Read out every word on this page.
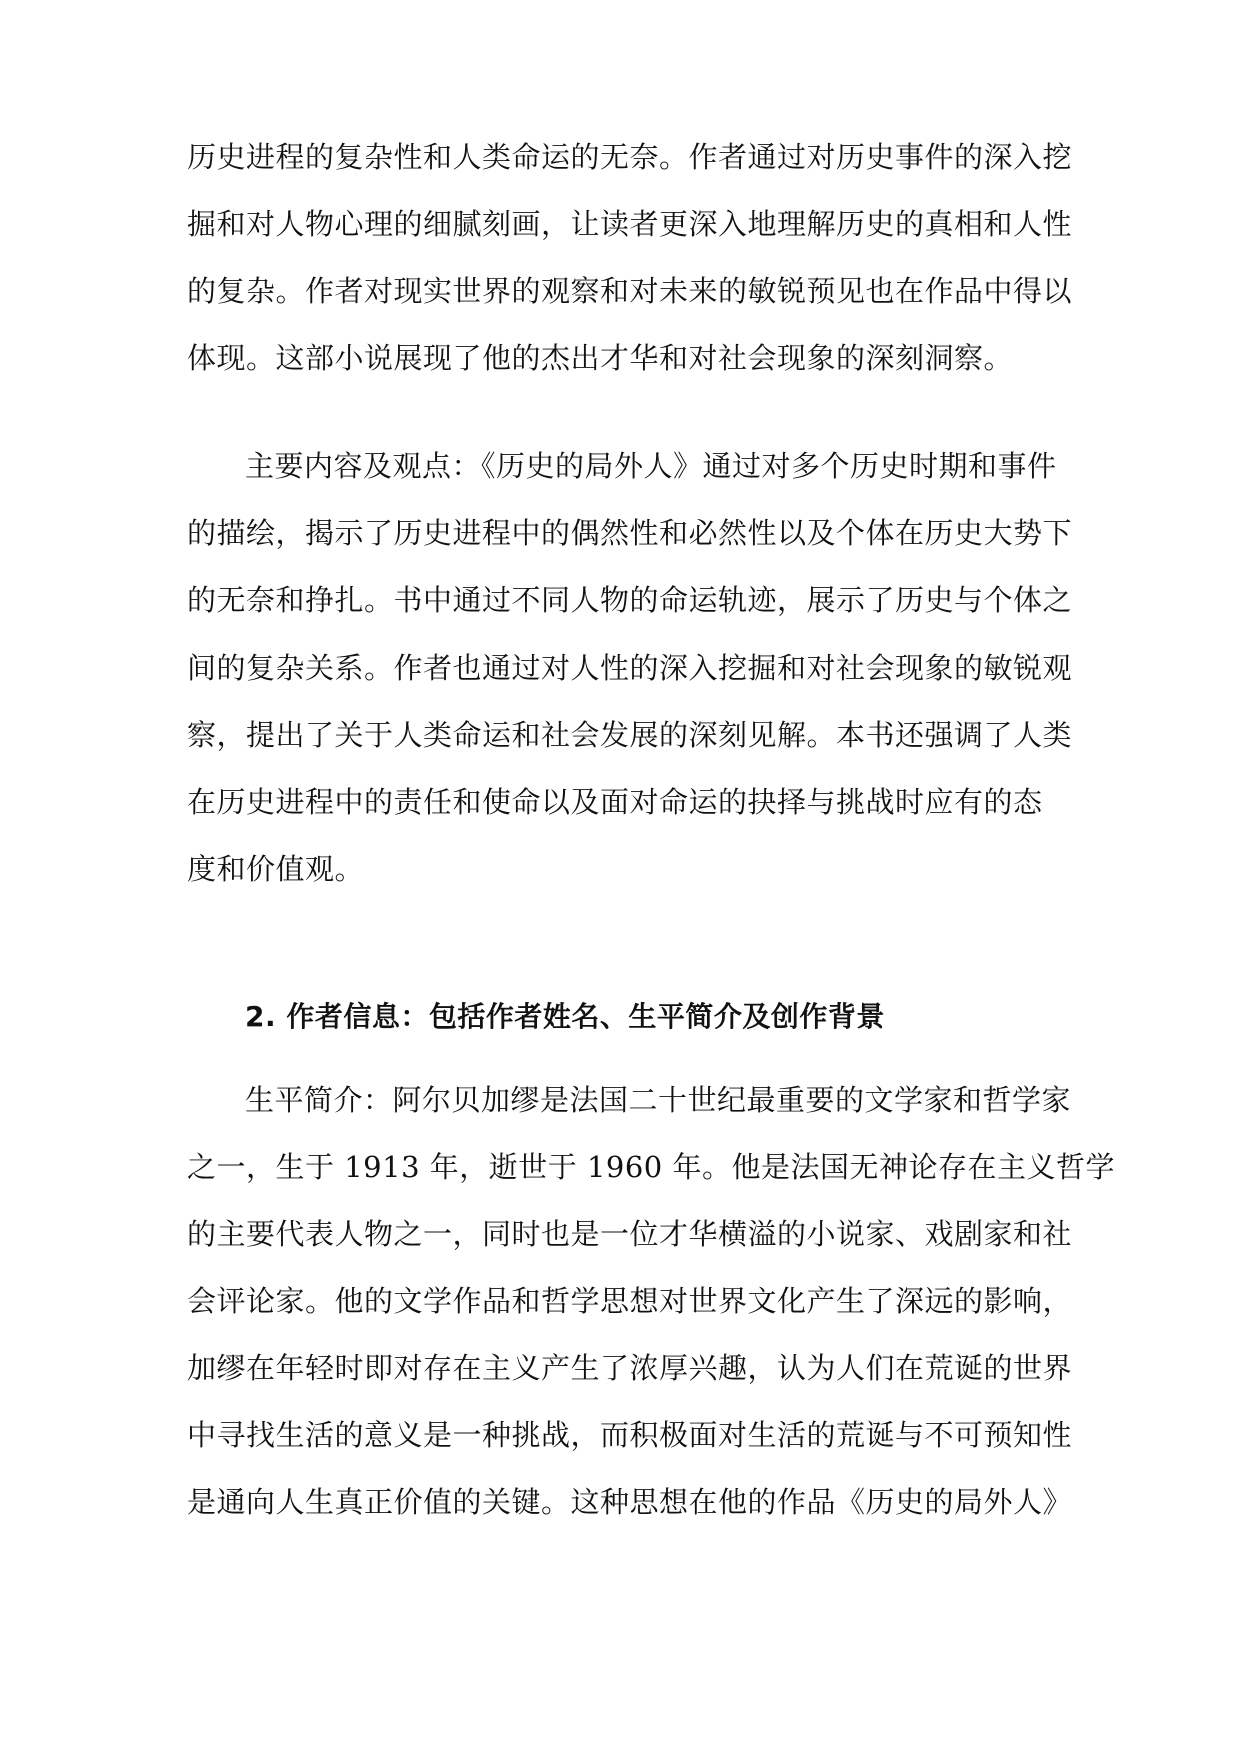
历史进程的复杂性和人类命运的无奈。作者通过对历史事件的深入挖
掘和对人物心理的细腻刻画，让读者更深入地理解历史的真相和人性
的复杂。作者对现实世界的观察和对未来的敏锐预见也在作品中得以
体现。这部小说展现了他的杰出才华和对社会现象的深刻洞察。
主要内容及观点：《历史的局外人》通过对多个历史时期和事件
的描绘，揭示了历史进程中的偶然性和必然性以及个体在历史大势下
的无奈和挣扎。书中通过不同人物的命运轨迹，展示了历史与个体之
间的复杂关系。作者也通过对人性的深入挖掘和对社会现象的敏锐观
察，提出了关于人类命运和社会发展的深刻见解。本书还强调了人类
在历史进程中的责任和使命以及面对命运的抉择与挑战时应有的态
度和价值观。
2. 作者信息：包括作者姓名、生平简介及创作背景
生平简介：阿尔贝加缪是法国二十世纪最重要的文学家和哲学家
之一，生于 1913 年，逝世于 1960 年。他是法国无神论存在主义哲学
的主要代表人物之一，同时也是一位才华横溢的小说家、戏剧家和社
会评论家。他的文学作品和哲学思想对世界文化产生了深远的影响，
加缪在年轻时即对存在主义产生了浓厚兴趣，认为人们在荒诞的世界
中寻找生活的意义是一种挑战，而积极面对生活的荒诞与不可预知性
是通向人生真正价值的关键。这种思想在他的作品《历史的局外人》
